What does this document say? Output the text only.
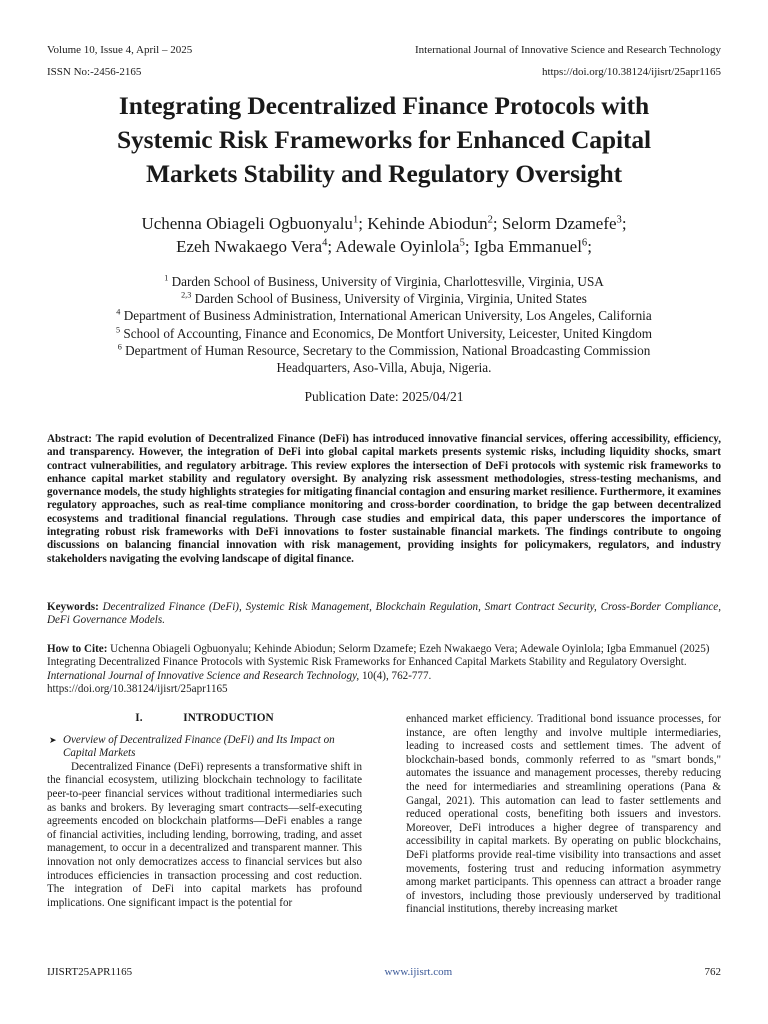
Volume 10, Issue 4, April – 2025	International Journal of Innovative Science and Research Technology
ISSN No:-2456-2165	https://doi.org/10.38124/ijisrt/25apr1165
Integrating Decentralized Finance Protocols with
Systemic Risk Frameworks for Enhanced Capital
Markets Stability and Regulatory Oversight
Uchenna Obiageli Ogbuonyalu$^1$; Kehinde Abiodun$^2$; Selorm Dzamefe$^3$;
Ezeh Nwakaego Vera$^4$; Adewale Oyinlola$^5$; Igba Emmanuel$^6$;
$^1$ Darden School of Business, University of Virginia, Charlottesville, Virginia, USA
$^{2,3}$ Darden School of Business, University of Virginia, Virginia, United States
$^4$ Department of Business Administration, International American University, Los Angeles, California
$^5$ School of Accounting, Finance and Economics, De Montfort University, Leicester, United Kingdom
$^6$ Department of Human Resource, Secretary to the Commission, National Broadcasting Commission
Headquarters, Aso-Villa, Abuja, Nigeria.
Publication Date: 2025/04/21
Abstract: The rapid evolution of Decentralized Finance (DeFi) has introduced innovative financial services, offering accessibility, efficiency, and transparency. However, the integration of DeFi into global capital markets presents systemic risks, including liquidity shocks, smart contract vulnerabilities, and regulatory arbitrage. This review explores the intersection of DeFi protocols with systemic risk frameworks to enhance capital market stability and regulatory oversight. By analyzing risk assessment methodologies, stress-testing mechanisms, and governance models, the study highlights strategies for mitigating financial contagion and ensuring market resilience. Furthermore, it examines regulatory approaches, such as real-time compliance monitoring and cross-border coordination, to bridge the gap between decentralized ecosystems and traditional financial regulations. Through case studies and empirical data, this paper underscores the importance of integrating robust risk frameworks with DeFi innovations to foster sustainable financial markets. The findings contribute to ongoing discussions on balancing financial innovation with risk management, providing insights for policymakers, regulators, and industry stakeholders navigating the evolving landscape of digital finance.
Keywords: Decentralized Finance (DeFi), Systemic Risk Management, Blockchain Regulation, Smart Contract Security, Cross-Border Compliance, DeFi Governance Models.
How to Cite: Uchenna Obiageli Ogbuonyalu; Kehinde Abiodun; Selorm Dzamefe; Ezeh Nwakaego Vera; Adewale Oyinlola; Igba Emmanuel (2025) Integrating Decentralized Finance Protocols with Systemic Risk Frameworks for Enhanced Capital Markets Stability and Regulatory Oversight. International Journal of Innovative Science and Research Technology, 10(4), 762-777.
https://doi.org/10.38124/ijisrt/25apr1165
I.	INTRODUCTION
➤ Overview of Decentralized Finance (DeFi) and Its Impact on Capital Markets

Decentralized Finance (DeFi) represents a transformative shift in the financial ecosystem, utilizing blockchain technology to facilitate peer-to-peer financial services without traditional intermediaries such as banks and brokers. By leveraging smart contracts—self-executing agreements encoded on blockchain platforms—DeFi enables a range of financial activities, including lending, borrowing, trading, and asset management, to occur in a decentralized and transparent manner. This innovation not only democratizes access to financial services but also introduces efficiencies in transaction processing and cost reduction. The integration of DeFi into capital markets has profound implications. One significant impact is the potential for

enhanced market efficiency. Traditional bond issuance processes, for instance, are often lengthy and involve multiple intermediaries, leading to increased costs and settlement times. The advent of blockchain-based bonds, commonly referred to as "smart bonds," automates the issuance and management processes, thereby reducing the need for intermediaries and streamlining operations (Pana & Gangal, 2021). This automation can lead to faster settlements and reduced operational costs, benefiting both issuers and investors. Moreover, DeFi introduces a higher degree of transparency and accessibility in capital markets. By operating on public blockchains, DeFi platforms provide real-time visibility into transactions and asset movements, fostering trust and reducing information asymmetry among market participants. This openness can attract a broader range of investors, including those previously underserved by traditional financial institutions, thereby increasing market

IJISRT25APR1165	www.ijisrt.com	762
